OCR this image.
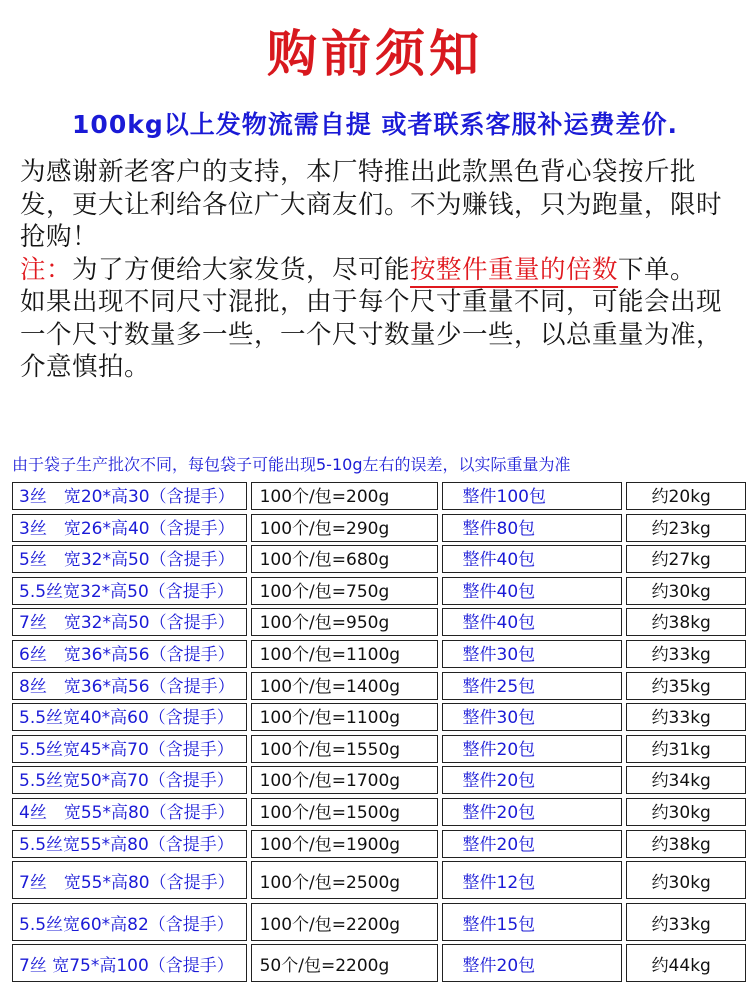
购前须知
100kg以上发物流需自提 或者联系客服补运费差价.

为感谢新老客户的支持，本厂特推出此款黑色背心袋按斤批发，更大让利给各位广大商友们。不为赚钱，只为跑量，限时抢购！

注：为了方便给大家发货，尽可能按整件重量的倍数下单。

如果出现不同尺寸混批，由于每个尺寸重量不同，可能会出现一个尺寸数量多一些，一个尺寸数量少一些，以总重量为准，介意慎拍。

由于袋子生产批次不同，每包袋子可能出现5-10g左右的误差，以实际重量为准
3丝　宽20*高30（含提手）	100个/包=200g	整件100包	约20kg
3丝　宽26*高40（含提手）	100个/包=290g	整件80包	约23kg
5丝　宽32*高50（含提手）	100个/包=680g	整件40包	约27kg
5.5丝宽32*高50（含提手）	100个/包=750g	整件40包	约30kg
7丝　宽32*高50（含提手）	100个/包=950g	整件40包	约38kg
6丝　宽36*高56（含提手）	100个/包=1100g	整件30包	约33kg
8丝　宽36*高56（含提手）	100个/包=1400g	整件25包	约35kg
5.5丝宽40*高60（含提手）	100个/包=1100g	整件30包	约33kg
5.5丝宽45*高70（含提手）	100个/包=1550g	整件20包	约31kg
5.5丝宽50*高70（含提手）	100个/包=1700g	整件20包	约34kg
4丝　宽55*高80（含提手）	100个/包=1500g	整件20包	约30kg
5.5丝宽55*高80（含提手）	100个/包=1900g	整件20包	约38kg
7丝　宽55*高80（含提手）	100个/包=2500g	整件12包	约30kg
5.5丝宽60*高82（含提手）	100个/包=2200g	整件15包	约33kg
7丝 宽75*高100（含提手）	50个/包=2200g	整件20包	约44kg
